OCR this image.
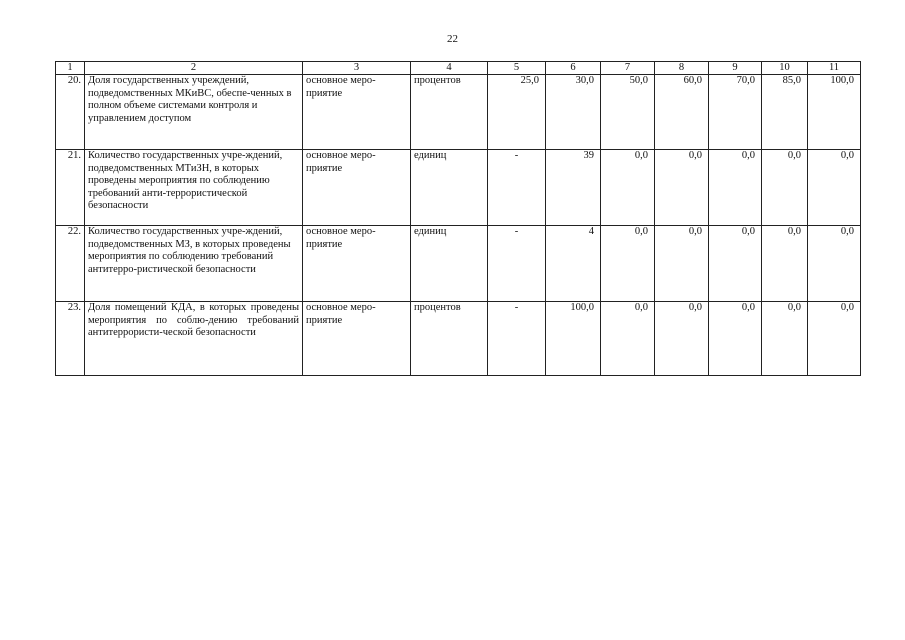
22
1	2	3	4	5	6	7	8	9	10	11
20.	Доля государственных учреждений, подведомственных МКиВС, обеспе-ченных в полном объеме системами контроля и управлением доступом	основное меро-приятие	процентов	25,0	30,0	50,0	60,0	70,0	85,0	100,0
21.	Количество государственных учре-ждений, подведомственных МТиЗН, в которых проведены мероприятия по соблюдению требований анти-террористической безопасности	основное меро-приятие	единиц	-	39	0,0	0,0	0,0	0,0	0,0
22.	Количество государственных учре-ждений, подведомственных МЗ, в которых проведены мероприятия по соблюдению требований антитерро-ристической безопасности	основное меро-приятие	единиц	-	4	0,0	0,0	0,0	0,0	0,0
23.	Доля помещений КДА, в которых проведены мероприятия по соблю-дению требований антитеррористи-ческой безопасности	основное меро-приятие	процентов	-	100,0	0,0	0,0	0,0	0,0	0,0
